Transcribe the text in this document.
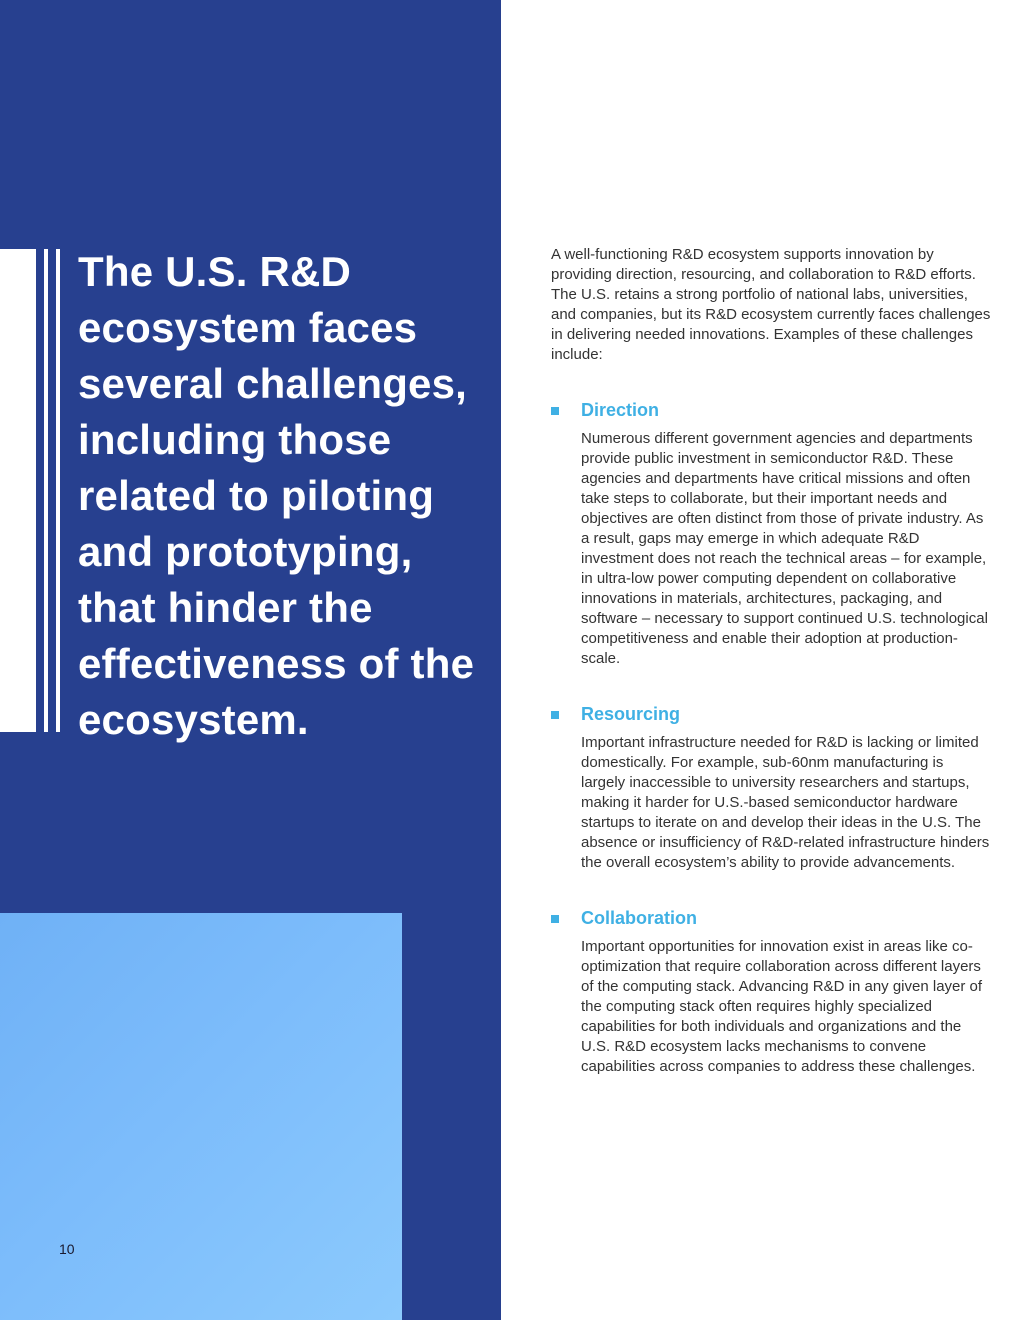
The U.S. R&D ecosystem faces several challenges, including those related to piloting and prototyping, that hinder the effectiveness of the ecosystem.
10

A well-functioning R&D ecosystem supports innovation by providing direction, resourcing, and collaboration to R&D efforts. The U.S. retains a strong portfolio of national labs, universities, and companies, but its R&D ecosystem currently faces challenges in delivering needed innovations. Examples of these challenges include:

Direction

Numerous different government agencies and departments provide public investment in semiconductor R&D. These agencies and departments have critical missions and often take steps to collaborate, but their important needs and objectives are often distinct from those of private industry. As a result, gaps may emerge in which adequate R&D investment does not reach the technical areas – for example, in ultra-low power computing dependent on collaborative innovations in materials, architectures, packaging, and software – necessary to support continued U.S. technological competitiveness and enable their adoption at production-scale.

Resourcing

Important infrastructure needed for R&D is lacking or limited domestically. For example, sub-60nm manufacturing is largely inaccessible to university researchers and startups, making it harder for U.S.-based semiconductor hardware startups to iterate on and develop their ideas in the U.S. The absence or insufficiency of R&D-related infrastructure hinders the overall ecosystem’s ability to provide advancements.

Collaboration

Important opportunities for innovation exist in areas like co-optimization that require collaboration across different layers of the computing stack. Advancing R&D in any given layer of the computing stack often requires highly specialized capabilities for both individuals and organizations and the U.S. R&D ecosystem lacks mechanisms to convene capabilities across companies to address these challenges.
